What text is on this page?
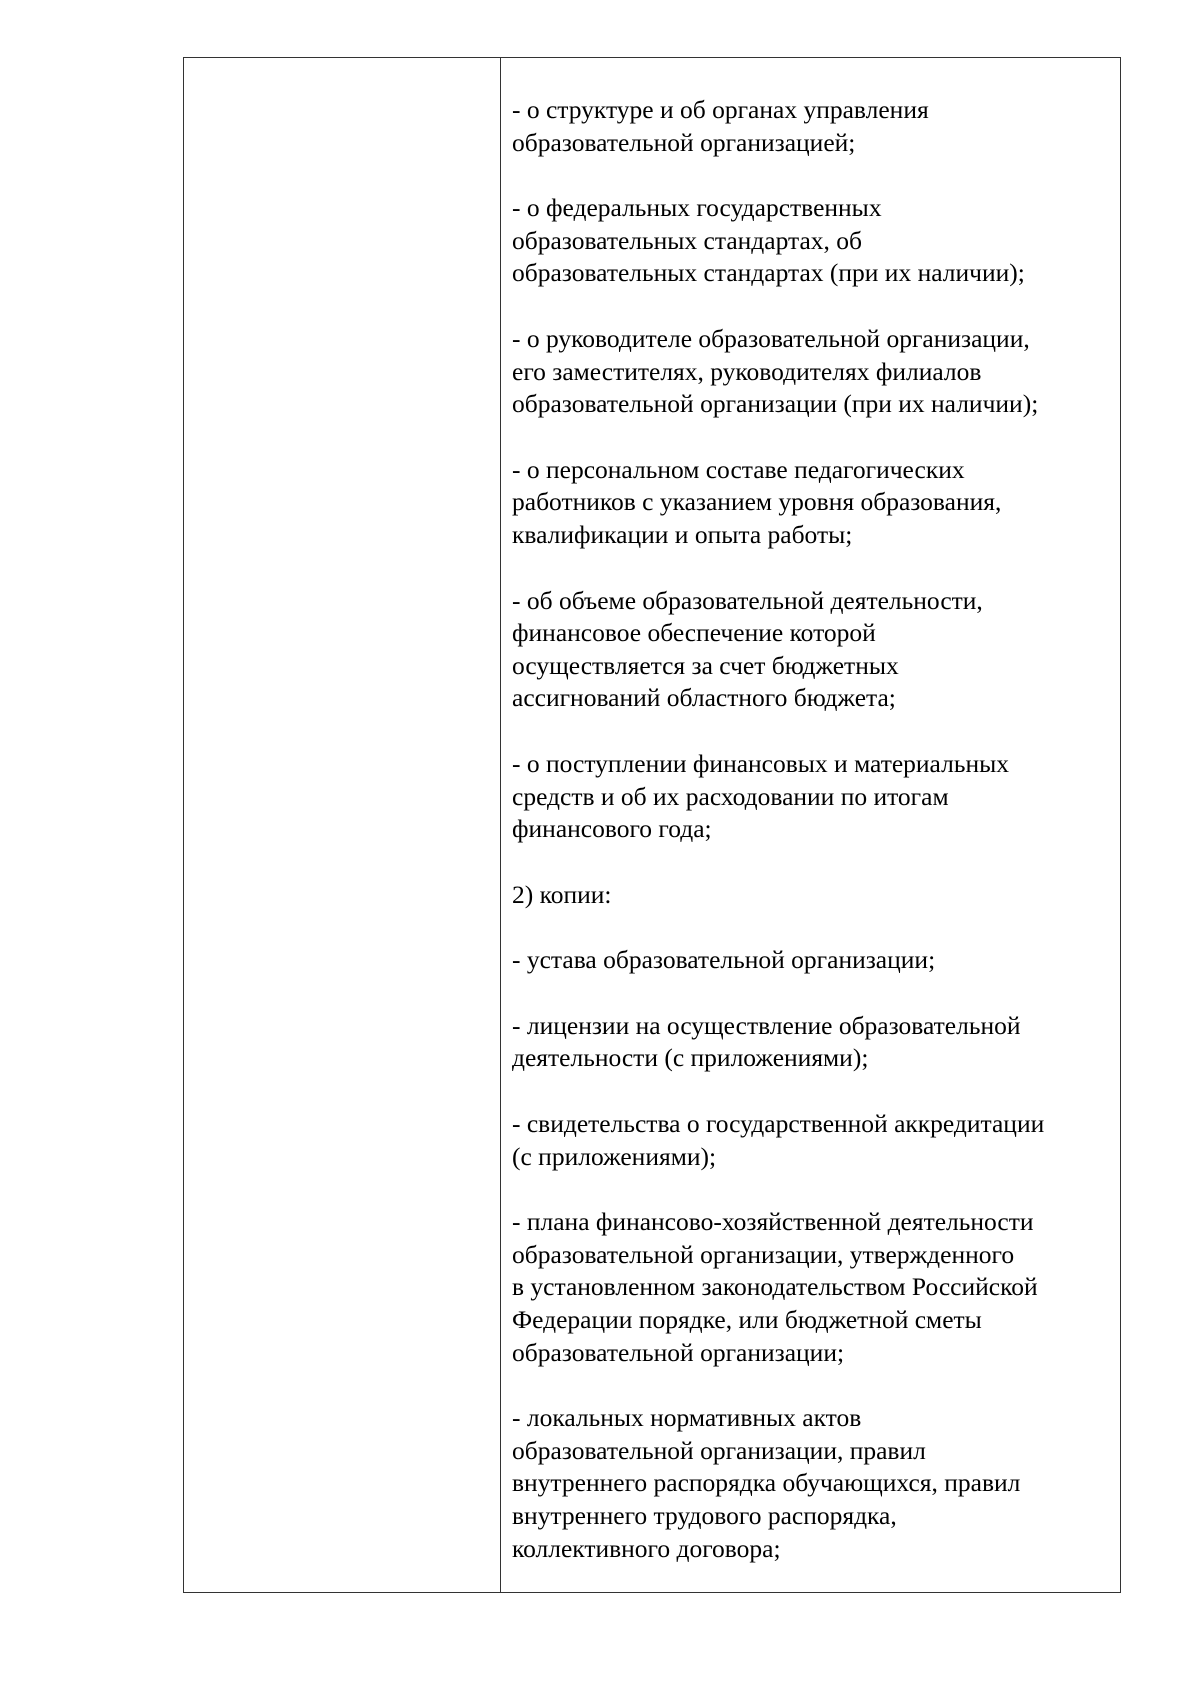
- о структуре и об органах управления
образовательной организацией;

- о федеральных государственных
образовательных стандартах, об
образовательных стандартах (при их наличии);

- о руководителе образовательной организации,
его заместителях, руководителях филиалов
образовательной организации (при их наличии);

- о персональном составе педагогических
работников с указанием уровня образования,
квалификации и опыта работы;

- об объеме образовательной деятельности,
финансовое обеспечение которой
осуществляется за счет бюджетных
ассигнований областного бюджета;

- о поступлении финансовых и материальных
средств и об их расходовании по итогам
финансового года;

2) копии:

- устава образовательной организации;

- лицензии на осуществление образовательной
деятельности (с приложениями);

- свидетельства о государственной аккредитации
(с приложениями);

- плана финансово-хозяйственной деятельности
образовательной организации, утвержденного
в установленном законодательством Российской
Федерации порядке, или бюджетной сметы
образовательной организации;

- локальных нормативных актов
образовательной организации, правил
внутреннего распорядка обучающихся, правил
внутреннего трудового распорядка,
коллективного договора;
